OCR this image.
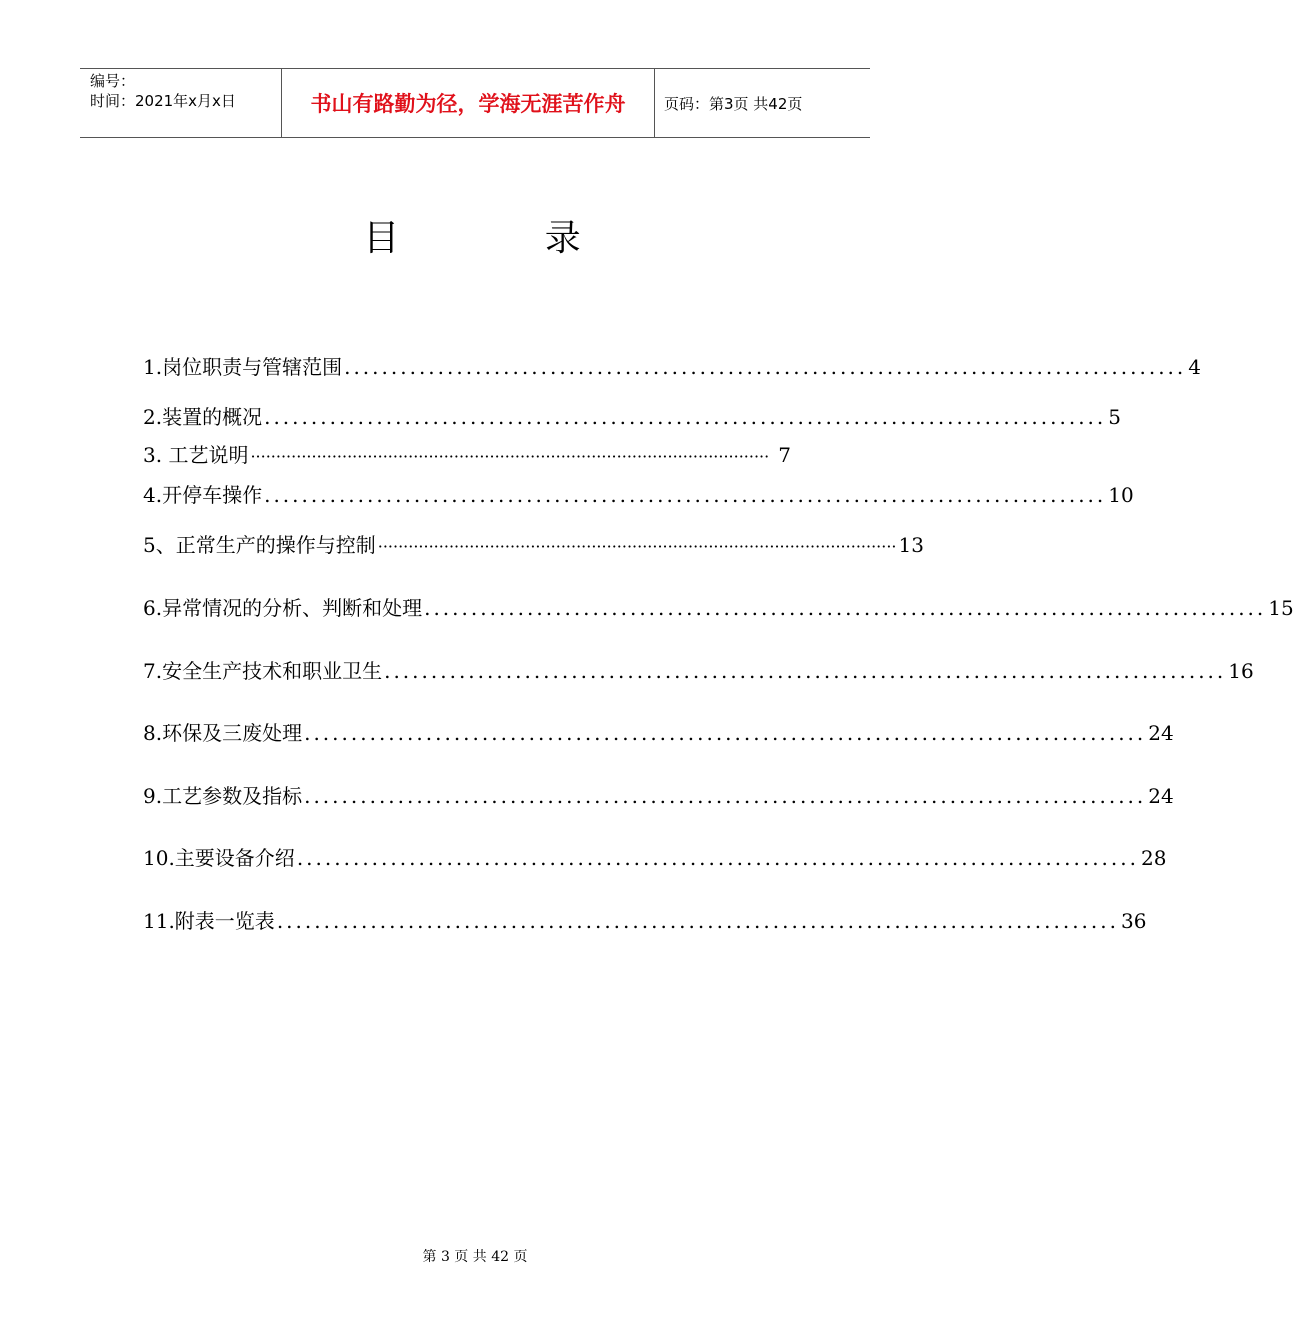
编号：
时间：2021年x月x日	书山有路勤为径，学海无涯苦作舟	页码：第3页 共42页
目        录
1.岗位职责与管辖范围 .......................................................................................... 4
2.装置的概况 .......................................................................................... 5
3. 工艺说明 ······································································································ 7
4.开停车操作 .......................................................................................... 10
5、正常生产的操作与控制 ······································································································ 13
6.异常情况的分析、判断和处理 .......................................................................................... 15
7.安全生产技术和职业卫生 .......................................................................................... 16
8.环保及三废处理 .......................................................................................... 24
9.工艺参数及指标 .......................................................................................... 24
10.主要设备介绍 .......................................................................................... 28
11.附表一览表 .......................................................................................... 36
第 3 页 共 42 页
